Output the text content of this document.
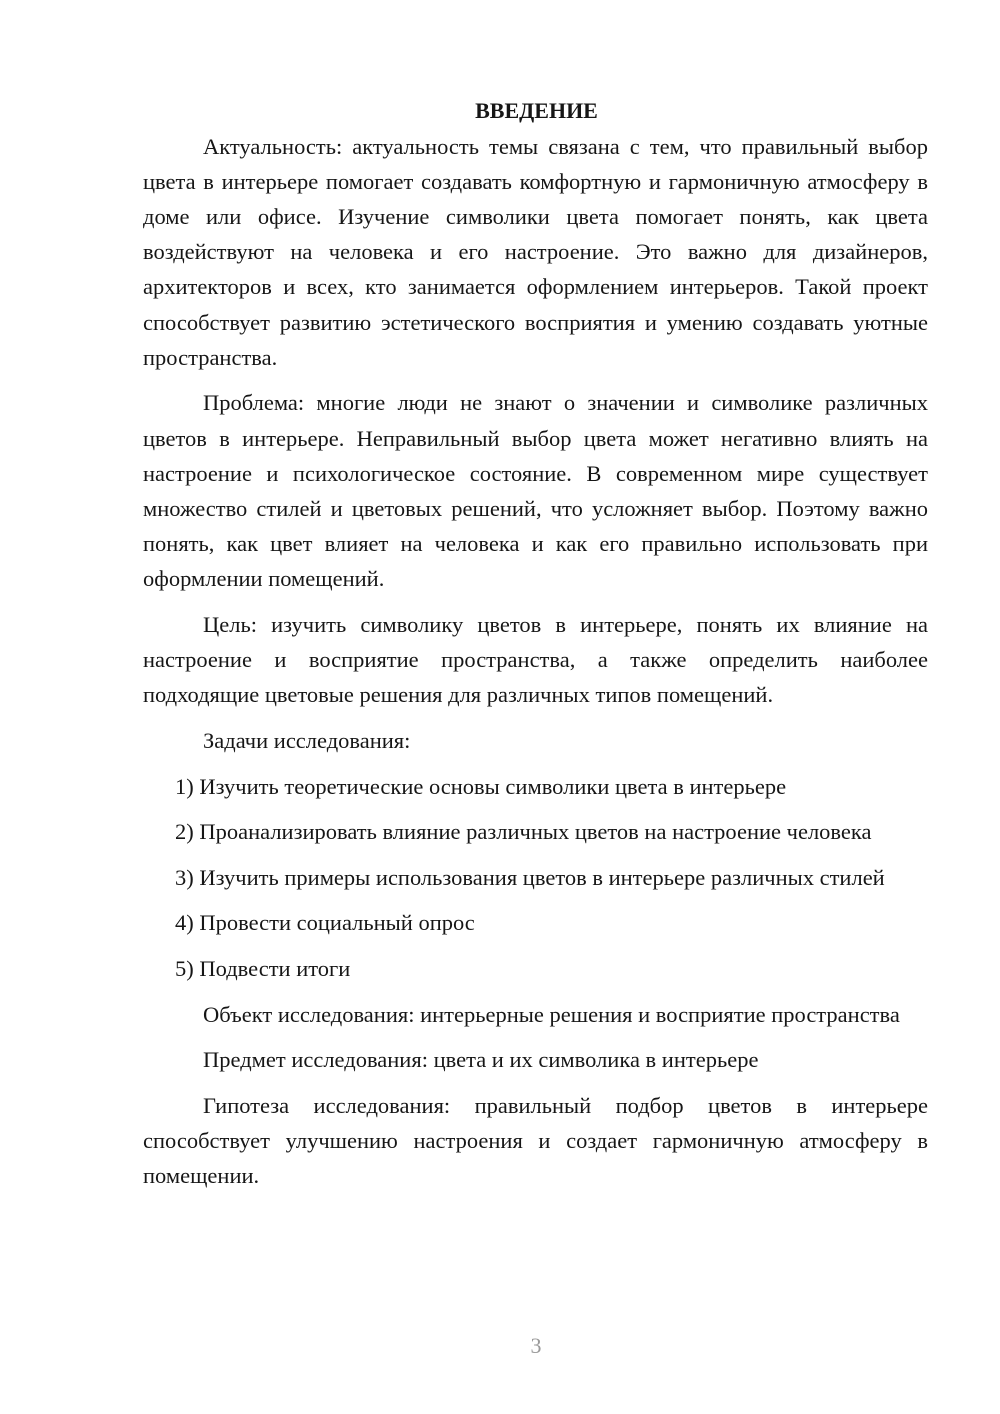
ВВЕДЕНИЕ

Актуальность: актуальность темы связана с тем, что правильный выбор цвета в интерьере помогает создавать комфортную и гармоничную атмосферу в доме или офисе. Изучение символики цвета помогает понять, как цвета воздействуют на человека и его настроение. Это важно для дизайнеров, архитекторов и всех, кто занимается оформлением интерьеров. Такой проект способствует развитию эстетического восприятия и умению создавать уютные пространства.

Проблема: многие люди не знают о значении и символике различных цветов в интерьере. Неправильный выбор цвета может негативно влиять на настроение и психологическое состояние. В современном мире существует множество стилей и цветовых решений, что усложняет выбор. Поэтому важно понять, как цвет влияет на человека и как его правильно использовать при оформлении помещений.

Цель: изучить символику цветов в интерьере, понять их влияние на настроение и восприятие пространства, а также определить наиболее подходящие цветовые решения для различных типов помещений.

Задачи исследования:

1) Изучить теоретические основы символики цвета в интерьере

2) Проанализировать влияние различных цветов на настроение человека

3) Изучить примеры использования цветов в интерьере различных стилей

4) Провести социальный опрос

5) Подвести итоги

Объект исследования: интерьерные решения и восприятие пространства

Предмет исследования: цвета и их символика в интерьере

Гипотеза исследования: правильный подбор цветов в интерьере способствует улучшению настроения и создает гармоничную атмосферу в помещении.

3
